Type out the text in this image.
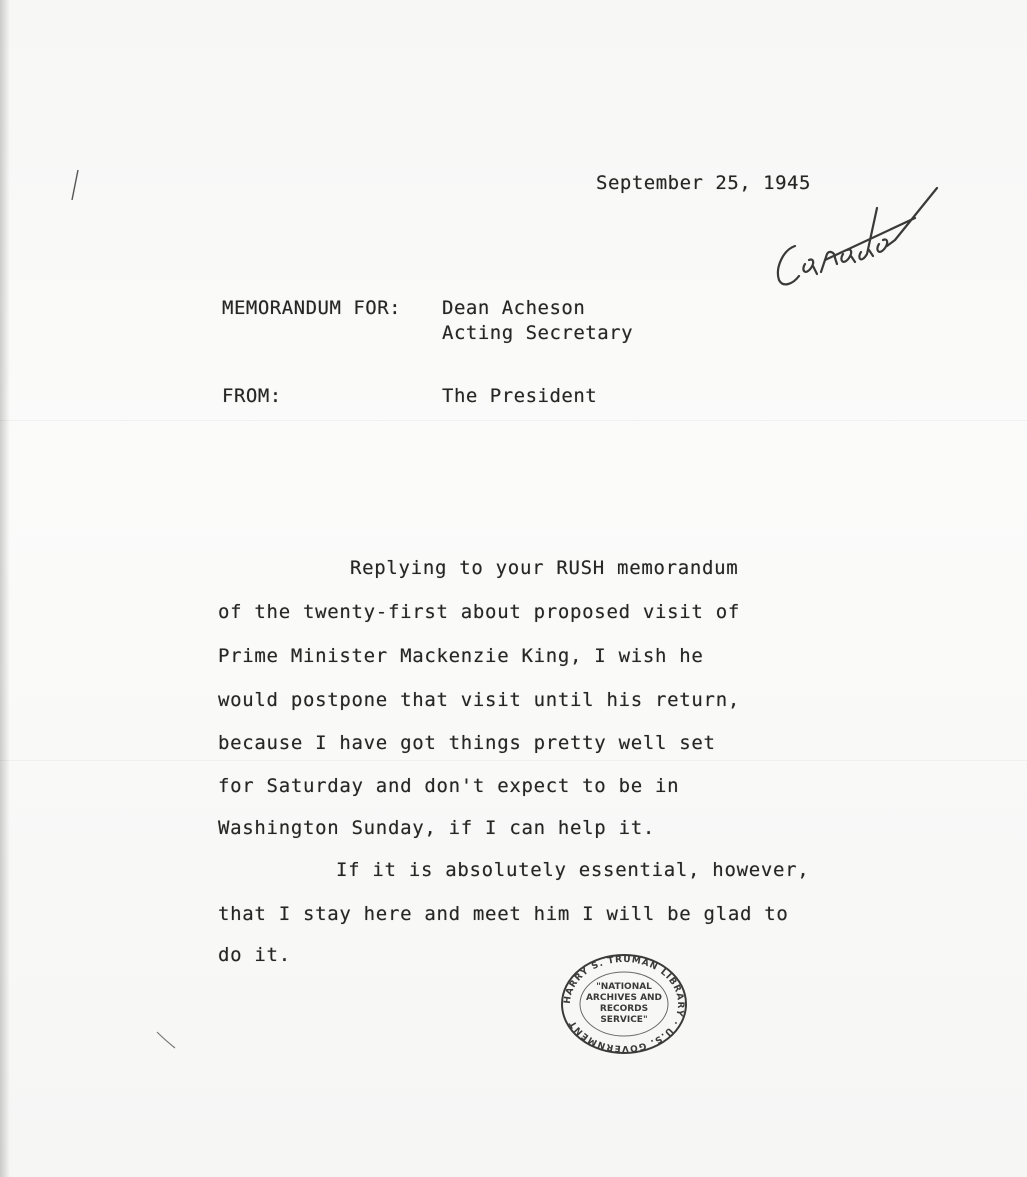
September 25, 1945
MEMORANDUM FOR: Dean Acheson
Acting Secretary
FROM:	The President
Replying to your RUSH memorandum
of the twenty-first about proposed visit of
Prime Minister Mackenzie King, I wish he
would postpone that visit until his return,
because I have got things pretty well set
for Saturday and don't expect to be in
Washington Sunday, if I can help it.
If it is absolutely essential, however,
that I stay here and meet him I will be glad to
do it.
HARRY S. TRUMAN LIBRARY · U.S. GOVERNMENT
"NATIONAL
ARCHIVES AND
RECORDS
SERVICE"
